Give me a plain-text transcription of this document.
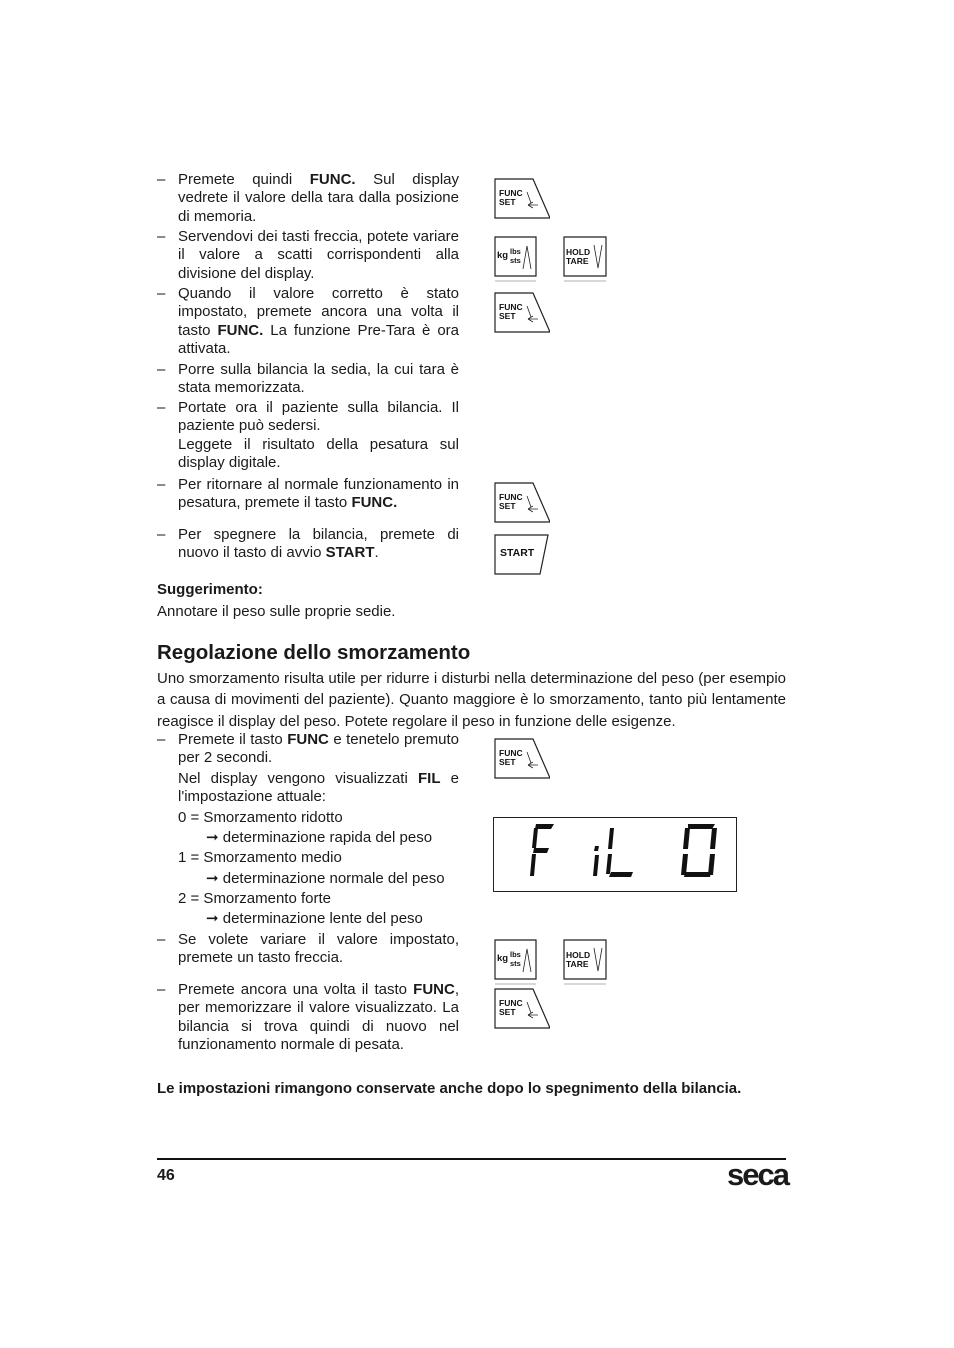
– Premete quindi FUNC. Sul display vedrete il valore della tara dalla posizione di memoria.
– Servendovi dei tasti freccia, potete variare il valore a scatti corrispondenti alla divisione del display.
– Quando il valore corretto è stato impostato, premete ancora una volta il tasto FUNC. La funzione Pre-Tara è ora attivata.
– Porre sulla bilancia la sedia, la cui tara è stata memorizzata.
– Portate ora il paziente sulla bilancia. Il paziente può sedersi.
Leggete il risultato della pesatura sul display digitale.
– Per ritornare al normale funzionamento in pesatura, premete il tasto FUNC.
– Per spegnere la bilancia, premete di nuovo il tasto di avvio START.
Suggerimento:
Annotare il peso sulle proprie sedie.
Regolazione dello smorzamento
Uno smorzamento risulta utile per ridurre i disturbi nella determinazione del peso (per esempio a causa di movimenti del paziente). Quanto maggiore è lo smorzamento, tanto più lentamente reagisce il display del peso. Potete regolare il peso in funzione delle esigenze.
– Premete il tasto FUNC e tenetelo premuto per 2 secondi.
Nel display vengono visualizzati FIL e l'impostazione attuale:
0 = Smorzamento ridotto
➞ determinazione rapida del peso
1 = Smorzamento medio
➞ determinazione normale del peso
2 = Smorzamento forte
➞ determinazione lente del peso
– Se volete variare il valore impostato, premete un tasto freccia.
– Premete ancora una volta il tasto FUNC, per memorizzare il valore visualizzato. La bilancia si trova quindi di nuovo nel funzionamento normale di pesata.
Le impostazioni rimangono conservate anche dopo lo spegnimento della bilancia.
46	seca
FUNC
SET
FUNC
SET
FUNC
SET
FUNC
SET
FUNC
SET
kg lbs
sts
kg lbs
sts
HOLD
TARE
HOLD
TARE
START
